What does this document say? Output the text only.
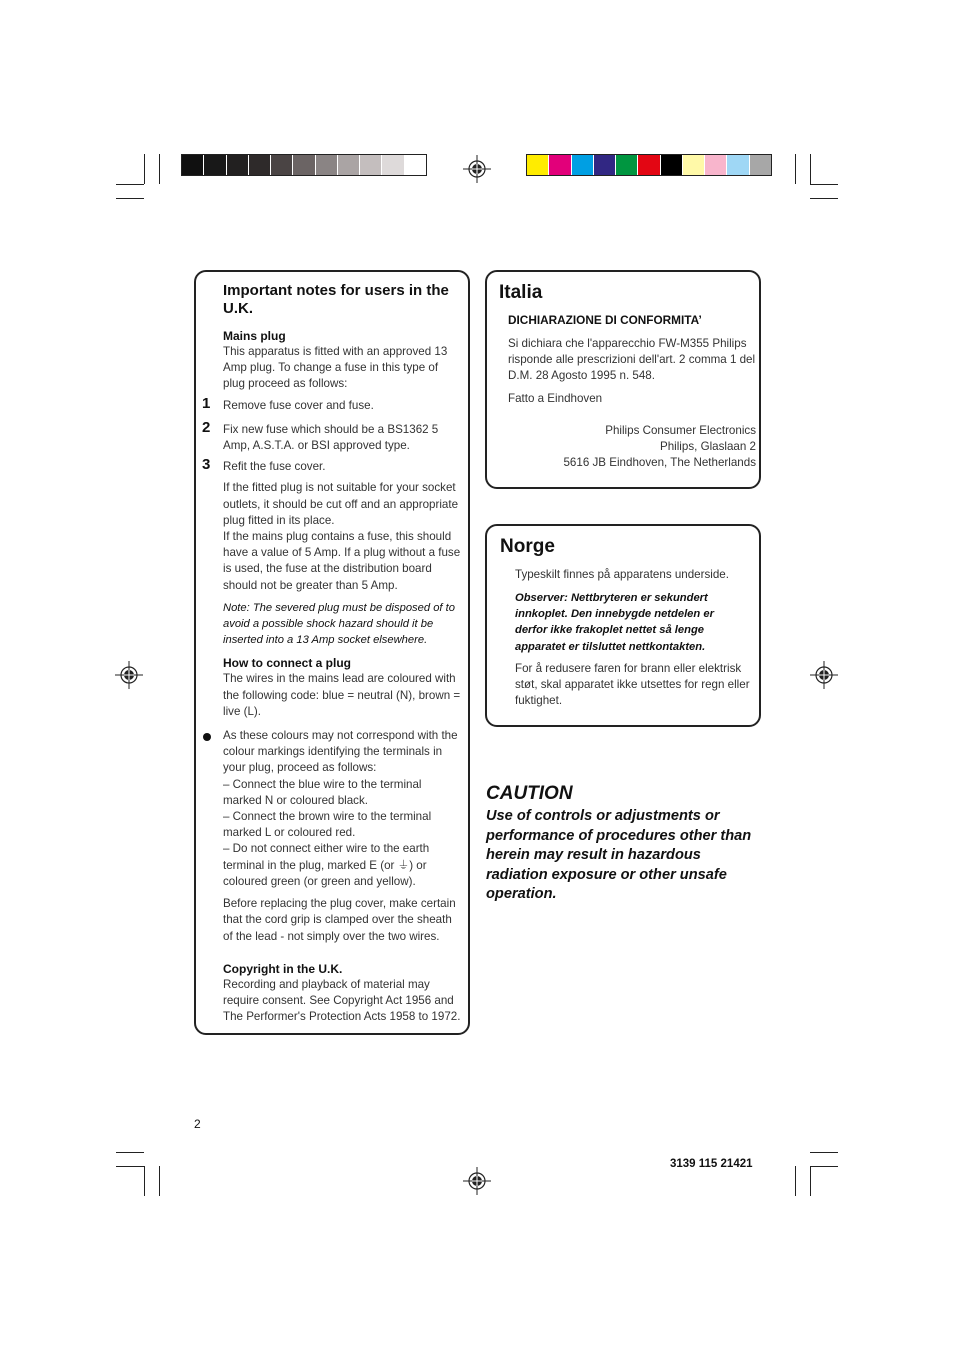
Important notes for users in the U.K.

Mains plug

This apparatus is fitted with an approved 13 Amp plug. To change a fuse in this type of plug proceed as follows:

1 Remove fuse cover and fuse.

2 Fix new fuse which should be a BS1362 5 Amp, A.S.T.A. or BSI approved type.

3 Refit the fuse cover.

If the fitted plug is not suitable for your socket outlets, it should be cut off and an appropriate plug fitted in its place.

If the mains plug contains a fuse, this should have a value of 5 Amp. If a plug without a fuse is used, the fuse at the distribution board should not be greater than 5 Amp.

Note: The severed plug must be disposed of to avoid a possible shock hazard should it be inserted into a 13 Amp socket elsewhere.

How to connect a plug

The wires in the mains lead are coloured with the following code: blue = neutral (N), brown = live (L).

As these colours may not correspond with the colour markings identifying the terminals in your plug, proceed as follows:

– Connect the blue wire to the terminal marked N or coloured black.

– Connect the brown wire to the terminal marked L or coloured red.

– Do not connect either wire to the earth terminal in the plug, marked E (or ⏚) or coloured green (or green and yellow).

Before replacing the plug cover, make certain that the cord grip is clamped over the sheath of the lead - not simply over the two wires.

Copyright in the U.K.

Recording and playback of material may require consent. See Copyright Act 1956 and The Performer's Protection Acts 1958 to 1972.

Italia

DICHIARAZIONE DI CONFORMITA’

Si dichiara che l'apparecchio FW-M355 Philips risponde alle prescrizioni dell'art. 2 comma 1 del D.M. 28 Agosto 1995 n. 548.

Fatto a Eindhoven

Philips Consumer Electronics

Philips, Glaslaan 2

5616 JB Eindhoven, The Netherlands

Norge

Typeskilt finnes på apparatens underside.

Observer: Nettbryteren er sekundert innkoplet. Den innebygde netdelen er derfor ikke frakoplet nettet så lenge apparatet er tilsluttet nettkontakten.

For å redusere faren for brann eller elektrisk støt, skal apparatet ikke utsettes for regn eller fuktighet.

CAUTION
Use of controls or adjustments or performance of procedures other than herein may result in hazardous radiation exposure or other unsafe operation.
2
3139 115 21421
